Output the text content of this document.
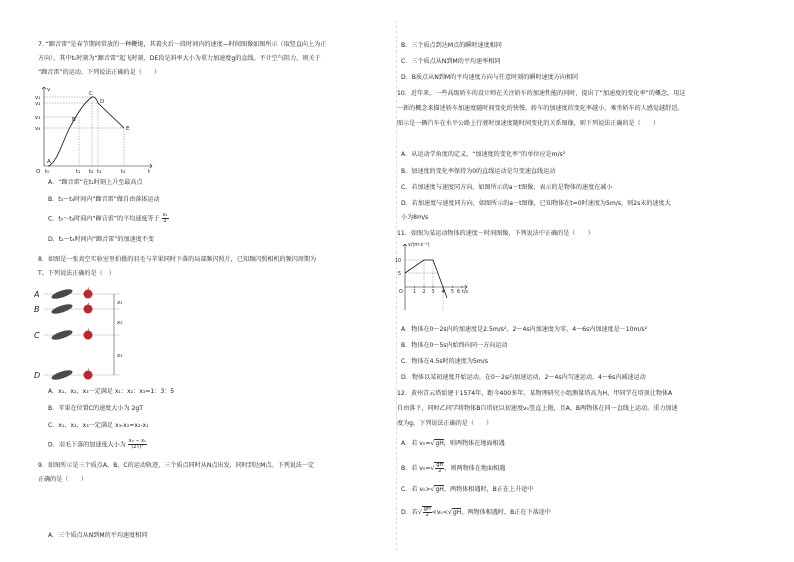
7. “蹿音雷”是春节期间常放的一种鞭炮，其着火后一段时间内的速度—时间图像如图所示（取竖直向上为正

方向），其中t₀时刻为“蹿音雷”起飞时刻、DE段是斜率大小为重力加速度g的直线。不计空气阻力，则关于

“蹿音雷”的运动，下列说法正确的是（　　）

v₁
v₂
v₃
v₄
t₀	t₁ t₂ t₃	t₄
A
B
C
D
E
O
v
t

A．“蹿音雷”在t₁时刻上升至最高点

B．t₃～t₄时间内“蹿音雷”做自由落体运动

C．t₀～t₃时间内“蹿音雷”的平均速度等于 $\frac{\text{v₁}}{2}$

D．t₂～t₄时间内“蹿音雷”的加速度不变

8．如图是一张真空实验室里拍摄的羽毛与苹果同时下落的局部频闪照片，已知频闪照相机的频闪周期为

T。下列说法正确的是（　）

A
B
C
D
x₁
x₂
x₃

A．x₁、x₂、x₃一定满足 x₁：x₂：x₃=1：3：5

B．苹果在位置C的速度大小为 2gT

C．x₁、x₂、x₃一定满足 x₃-x₂=x₂-x₁

D．羽毛下落的加速度大小为 $\frac{\text{x₃ − x₁}}{\text{(2T)²}}$

9．如图所示是三个质点A，B，C的运动轨迹，三个质点同时从N点出发，同时到达M点。下列说法一定

正确的是（　　）

A．三个质点从N到M的平均速度相同

B．三个质点到达M点的瞬时速度相同

C．三个质点从N到M的平均速率相同

D．B质点从N到M的平均速度方向与任意时刻的瞬时速度方向相同

10．近年来，一些高级轿车的设计师在关注轿车的加速性能的同时，提出了“加速度的变化率”的概念，用这

一新的概念来描述轿车加速度随时间变化的快慢，轿车的加速度的变化率越小，乘坐轿车的人感觉越舒适。

图示是一辆汽车在水平公路上行驶时加速度随时间变化的关系图像，则下列说法正确的是（　　）

A．从运动学角度的定义，“加速度的变化率”的单位应是m/s²

B．加速度的变化率保持为0的直线运动是匀变速直线运动

C．若加速度与速度同方向，如图所示的a－t图像，表示的是物体的速度在减小

D．若加速度与速度同方向，如图所示的a－t图像，已知物体在t=0时速度为5m/s，则2s末的速度大

小为8m/s

11．如图为某运动物体的速度－时间图像，下列说法中正确的是（　　）

v/(m·s⁻¹)
t/s
10
5
O 1 2 3 4 5 6

A．物体在0～2s内的加速度是2.5m/s²，2～4s内加速度为零，4～6s内加速度是－10m/s²

B．物体在0～5s内始终向同一方向运动

C．物体在4.5s时的速度为5m/s

D．物体以某初速度开始运动，在0～2s内加速运动，2～4s内匀速运动，4～6s内减速运动

12．黄州青云塔始建于1574年，距今400多年。某物理研究小组测量塔高为H，甲同学在塔顶让物体A

自由落下，同时乙同学将物体B自塔底以初速度v₀竖直上抛，且A、B两物体在同一直线上运动。重力加速

度为g，下列说法正确的是（　　）

A．若 v₀=√gH，则两物体在地面相遇

B．若 $v_0=√ \frac{gH}{2}$ ，则两物体在地面相遇

C．若 v₀>√gH，两物体相遇时，B正在上升途中

D．若√ $\frac{gH}{2} <v_0<√gH$，两物体相遇时，B正在下落途中
